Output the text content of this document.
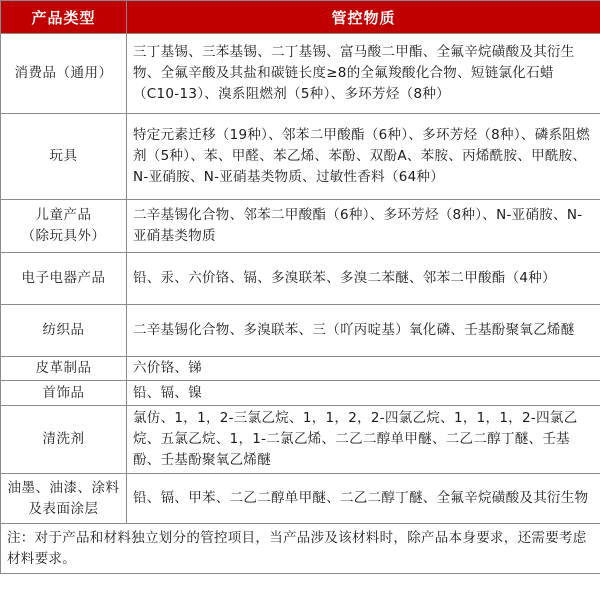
产品类型	管控物质

消费品（通用）	三丁基锡、三苯基锡、二丁基锡、富马酸二甲酯、全氟辛烷磺酸及其衍生物、全氟辛酸及其盐和碳链长度≥8的全氟羧酸化合物、短链氯化石蜡（C10-13）、溴系阻燃剂（5种）、多环芳烃（8种）

玩具	特定元素迁移（19种）、邻苯二甲酸酯（6种）、多环芳烃（8种）、磷系阻燃剂（5种）、苯、甲醛、苯乙烯、苯酚、双酚A、苯胺、丙烯酰胺、甲酰胺、N-亚硝胺、N-亚硝基类物质、过敏性香料（64种）

儿童产品
（除玩具外）	二辛基锡化合物、邻苯二甲酸酯（6种）、多环芳烃（8种）、N-亚硝胺、N-亚硝基类物质

电子电器产品	铅、汞、六价铬、镉、多溴联苯、多溴二苯醚、邻苯二甲酸酯（4种）

纺织品	二辛基锡化合物、多溴联苯、三（吖丙啶基）氧化磷、壬基酚聚氧乙烯醚

皮革制品	六价铬、锑

首饰品	铅、镉、镍

清洗剂	氯仿、1，1，2-三氯乙烷、1，1，2，2-四氯乙烷、1，1，1，2-四氯乙烷、五氯乙烷、1，1-二氯乙烯、二乙二醇单甲醚、二乙二醇丁醚、壬基酚、壬基酚聚氧乙烯醚

油墨、油漆、涂料
及表面涂层	铅、镉、甲苯、二乙二醇单甲醚、二乙二醇丁醚、全氟辛烷磺酸及其衍生物
注：对于产品和材料独立划分的管控项目，当产品涉及该材料时，除产品本身要求，还需要考虑材料要求。	
